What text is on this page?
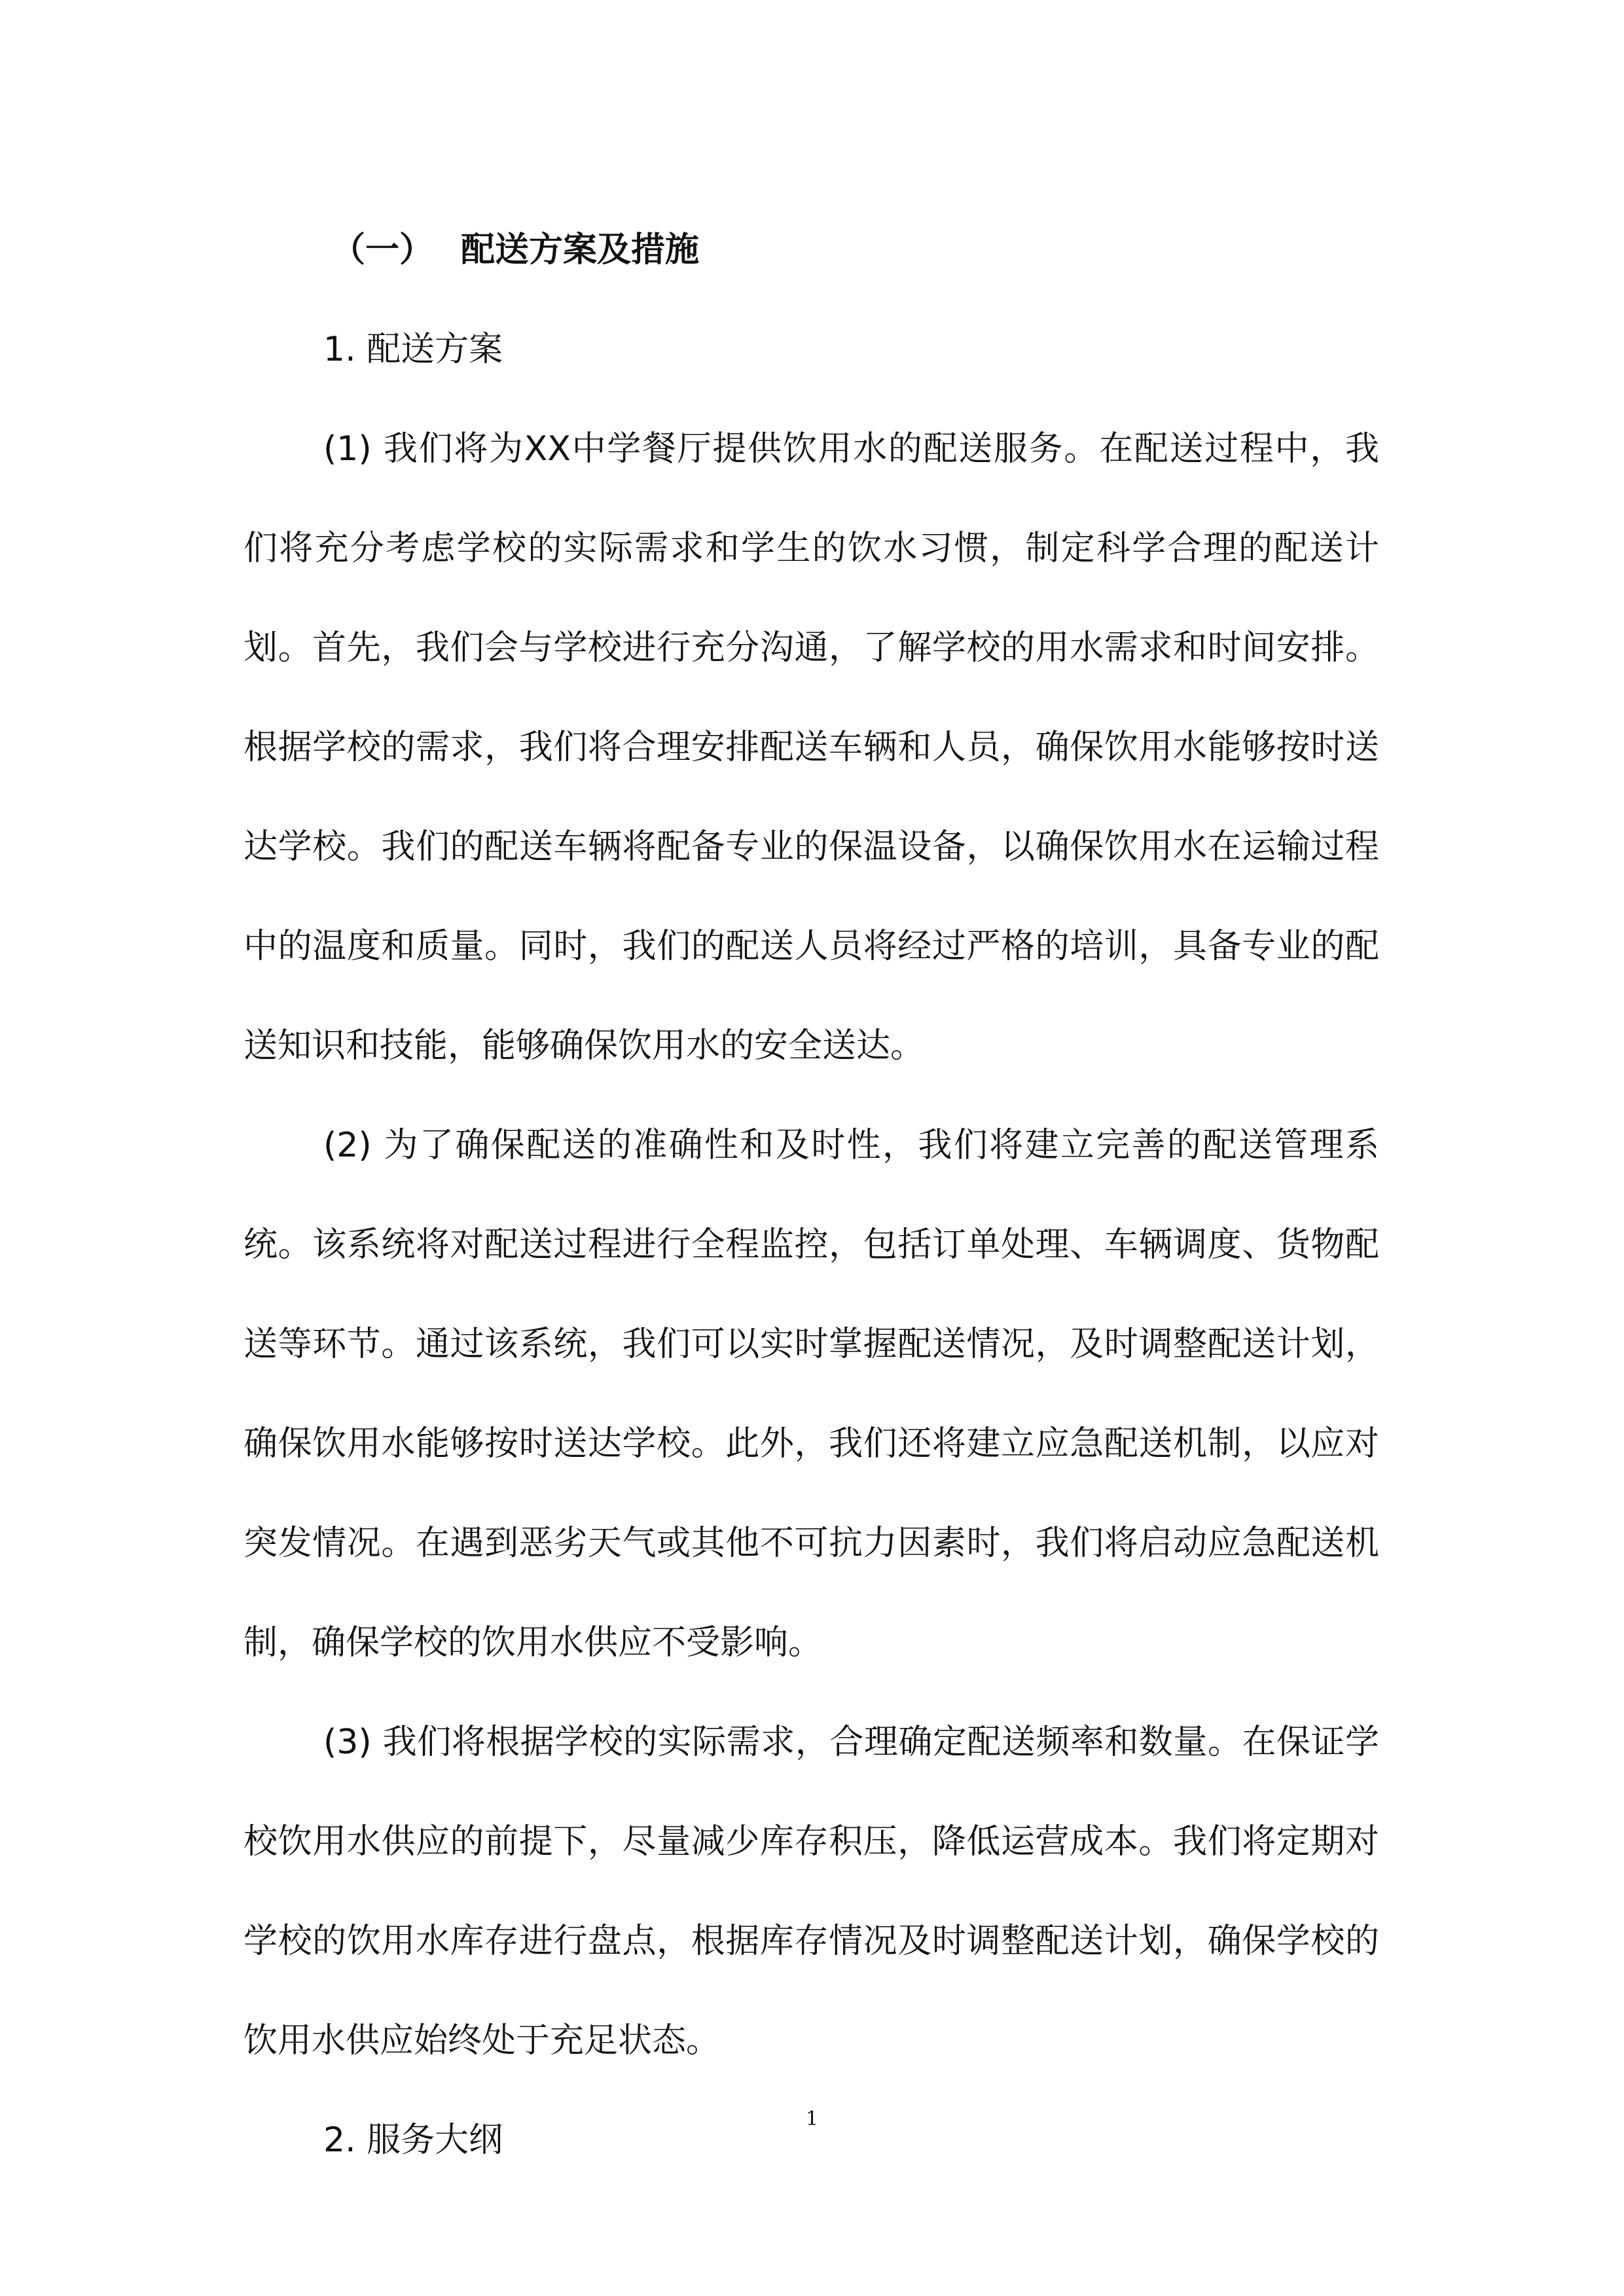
（一） 配送方案及措施

1. 配送方案

(1) 我们将为XX中学餐厅提供饮用水的配送服务。在配送过程中，我们将充分考虑学校的实际需求和学生的饮水习惯，制定科学合理的配送计划。首先，我们会与学校进行充分沟通，了解学校的用水需求和时间安排。根据学校的需求，我们将合理安排配送车辆和人员，确保饮用水能够按时送达学校。我们的配送车辆将配备专业的保温设备，以确保饮用水在运输过程中的温度和质量。同时，我们的配送人员将经过严格的培训，具备专业的配送知识和技能，能够确保饮用水的安全送达。

(2) 为了确保配送的准确性和及时性，我们将建立完善的配送管理系统。该系统将对配送过程进行全程监控，包括订单处理、车辆调度、货物配送等环节。通过该系统，我们可以实时掌握配送情况，及时调整配送计划，确保饮用水能够按时送达学校。此外，我们还将建立应急配送机制，以应对突发情况。在遇到恶劣天气或其他不可抗力因素时，我们将启动应急配送机制，确保学校的饮用水供应不受影响。

(3) 我们将根据学校的实际需求，合理确定配送频率和数量。在保证学校饮用水供应的前提下，尽量减少库存积压，降低运营成本。我们将定期对学校的饮用水库存进行盘点，根据库存情况及时调整配送计划，确保学校的饮用水供应始终处于充足状态。

2. 服务大纲

1
